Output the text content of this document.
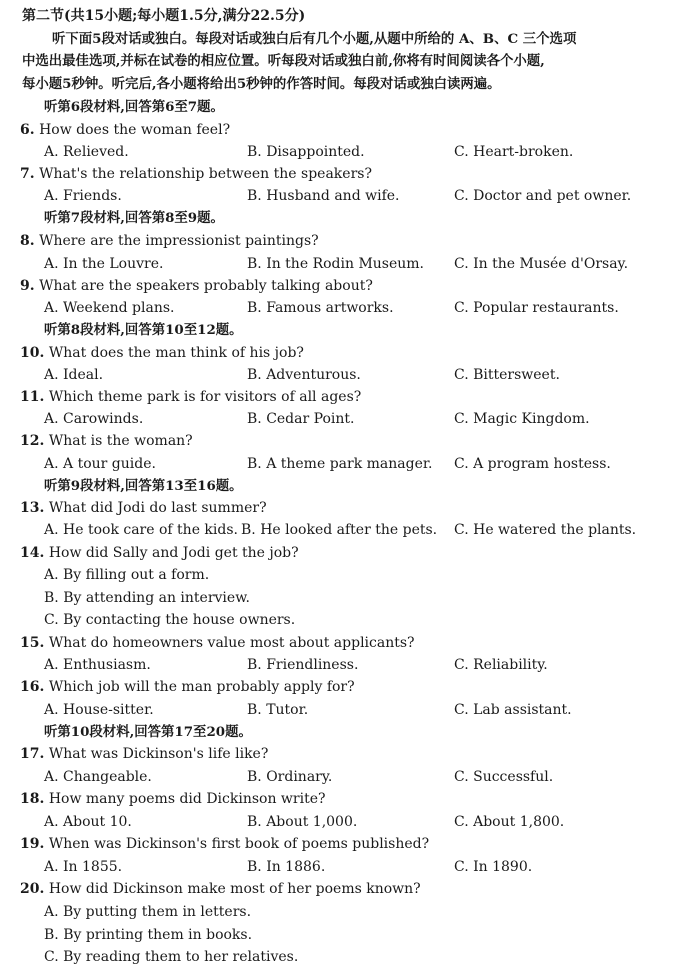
第二节(共15小题;每小题1.5分,满分22.5分)
听下面5段对话或独白。每段对话或独白后有几个小题,从题中所给的 A、B、C 三个选项
中选出最佳选项,并标在试卷的相应位置。听每段对话或独白前,你将有时间阅读各个小题,
每小题5秒钟。听完后,各小题将给出5秒钟的作答时间。每段对话或独白读两遍。
听第6段材料,回答第6至7题。
6. How does the woman feel?
A. Relieved.	B. Disappointed.	C. Heart-broken.
7. What's the relationship between the speakers?
A. Friends.	B. Husband and wife.	C. Doctor and pet owner.
听第7段材料,回答第8至9题。
8. Where are the impressionist paintings?
A. In the Louvre.	B. In the Rodin Museum. C. In the Musée d'Orsay.
9. What are the speakers probably talking about?
A. Weekend plans.	B. Famous artworks.	C. Popular restaurants.
听第8段材料,回答第10至12题。
10. What does the man think of his job?
A. Ideal.	B. Adventurous.	C. Bittersweet.
11. Which theme park is for visitors of all ages?
A. Carowinds.	B. Cedar Point.	C. Magic Kingdom.
12. What is the woman?
A. A tour guide.	B. A theme park manager. C. A program hostess.
听第9段材料,回答第13至16题。
13. What did Jodi do last summer?
A. He took care of the kids. B. He looked after the pets. C. He watered the plants.
14. How did Sally and Jodi get the job?
A. By filling out a form.
B. By attending an interview.
C. By contacting the house owners.
15. What do homeowners value most about applicants?
A. Enthusiasm.	B. Friendliness.	C. Reliability.
16. Which job will the man probably apply for?
A. House-sitter.	B. Tutor.	C. Lab assistant.
听第10段材料,回答第17至20题。
17. What was Dickinson's life like?
A. Changeable.	B. Ordinary.	C. Successful.
18. How many poems did Dickinson write?
A. About 10.	B. About 1,000.	C. About 1,800.
19. When was Dickinson's first book of poems published?
A. In 1855.	B. In 1886.	C. In 1890.
20. How did Dickinson make most of her poems known?
A. By putting them in letters.
B. By printing them in books.
C. By reading them to her relatives.
